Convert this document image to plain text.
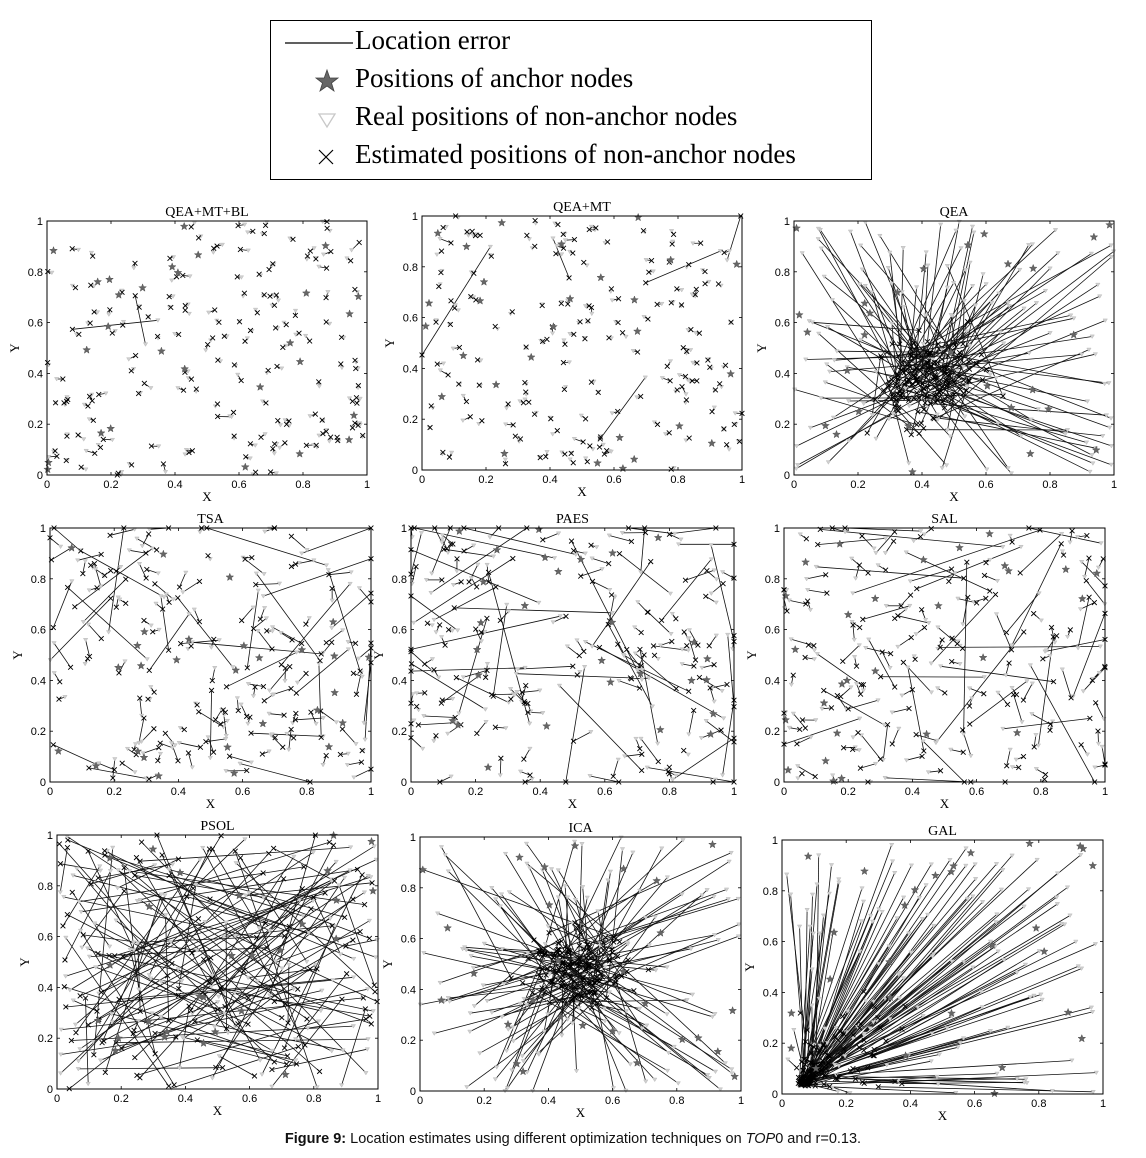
0	0.2	0.4	0.6	0.8	1
0
0.2
0.4
0.6
0.8
1
QEA+MT+BL
X
Y
0	0.2	0.4	0.6	0.8	1
0
0.2
0.4
0.6
0.8
1
QEA+MT
X
Y
0	0.2	0.4	0.6	0.8	1
0
0.2
0.4
0.6
0.8
1
QEA
X
Y
0	0.2	0.4	0.6	0.8	1
0
0.2
0.4
0.6
0.8
1
TSA
X
Y
0	0.2	0.4	0.6	0.8	1
0
0.2
0.4
0.6
0.8
1
PAES
X
Y
0	0.2	0.4	0.6	0.8	1
0
0.2
0.4
0.6
0.8
1
SAL
X
Y
0	0.2	0.4	0.6	0.8	1
0
0.2
0.4
0.6
0.8
1
PSOL
X
Y
0	0.2	0.4	0.6	0.8	1
0
0.2
0.4
0.6
0.8
1
ICA
X
Y
0	0.2	0.4	0.6	0.8	1
0
0.2
0.4
0.6
0.8
1
GAL
X
Y
Location error
Positions of anchor nodes
Real positions of non-anchor nodes
Estimated positions of non-anchor nodes
Figure 9: Location estimates using different optimization techniques on TOP0 and r=0.13.
